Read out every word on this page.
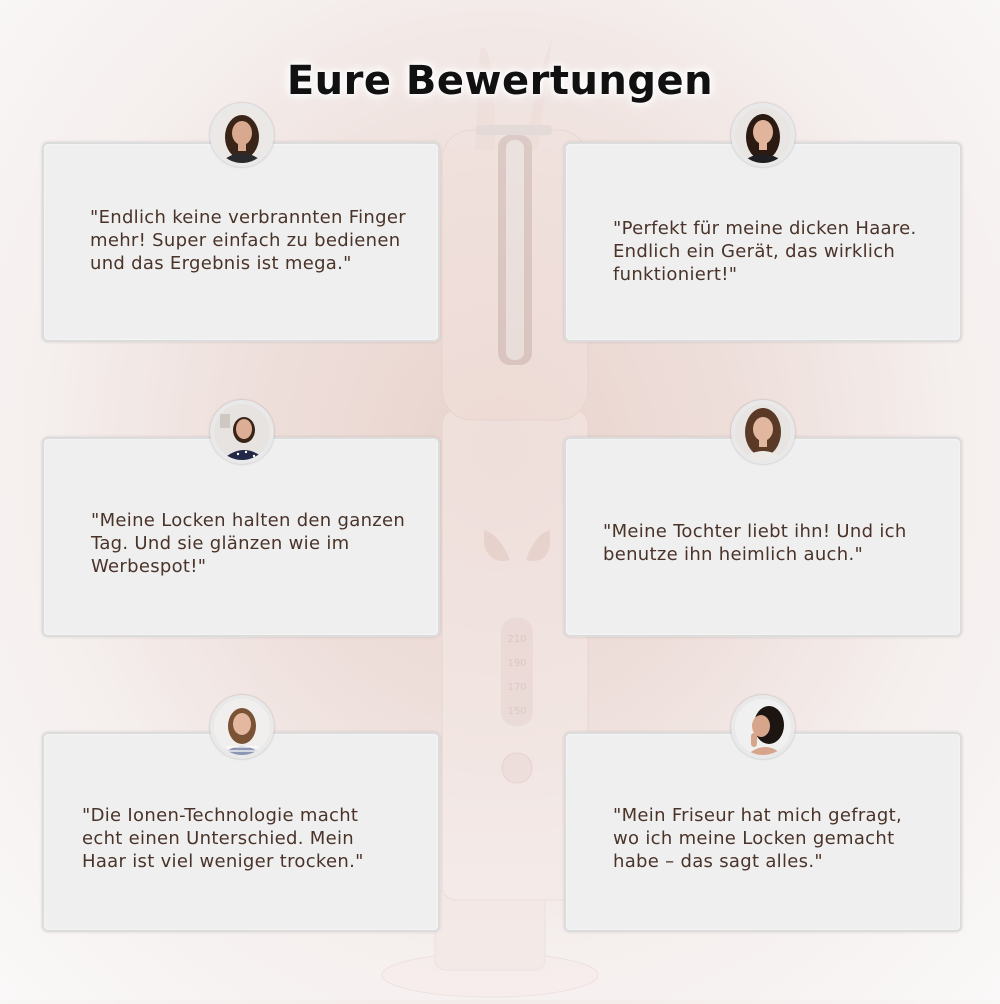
210
190
170
150
Eure Bewertungen

"Endlich keine verbrannten Finger mehr! Super einfach zu bedienen und das Ergebnis ist mega."

"Perfekt für meine dicken Haare. Endlich ein Gerät, das wirklich funktioniert!"

"Meine Locken halten den ganzen Tag. Und sie glänzen wie im Werbespot!"

"Meine Tochter liebt ihn! Und ich benutze ihn heimlich auch."

"Die Ionen-Technologie macht echt einen Unterschied. Mein Haar ist viel weniger trocken."

"Mein Friseur hat mich gefragt, wo ich meine Locken gemacht habe – das sagt alles."
